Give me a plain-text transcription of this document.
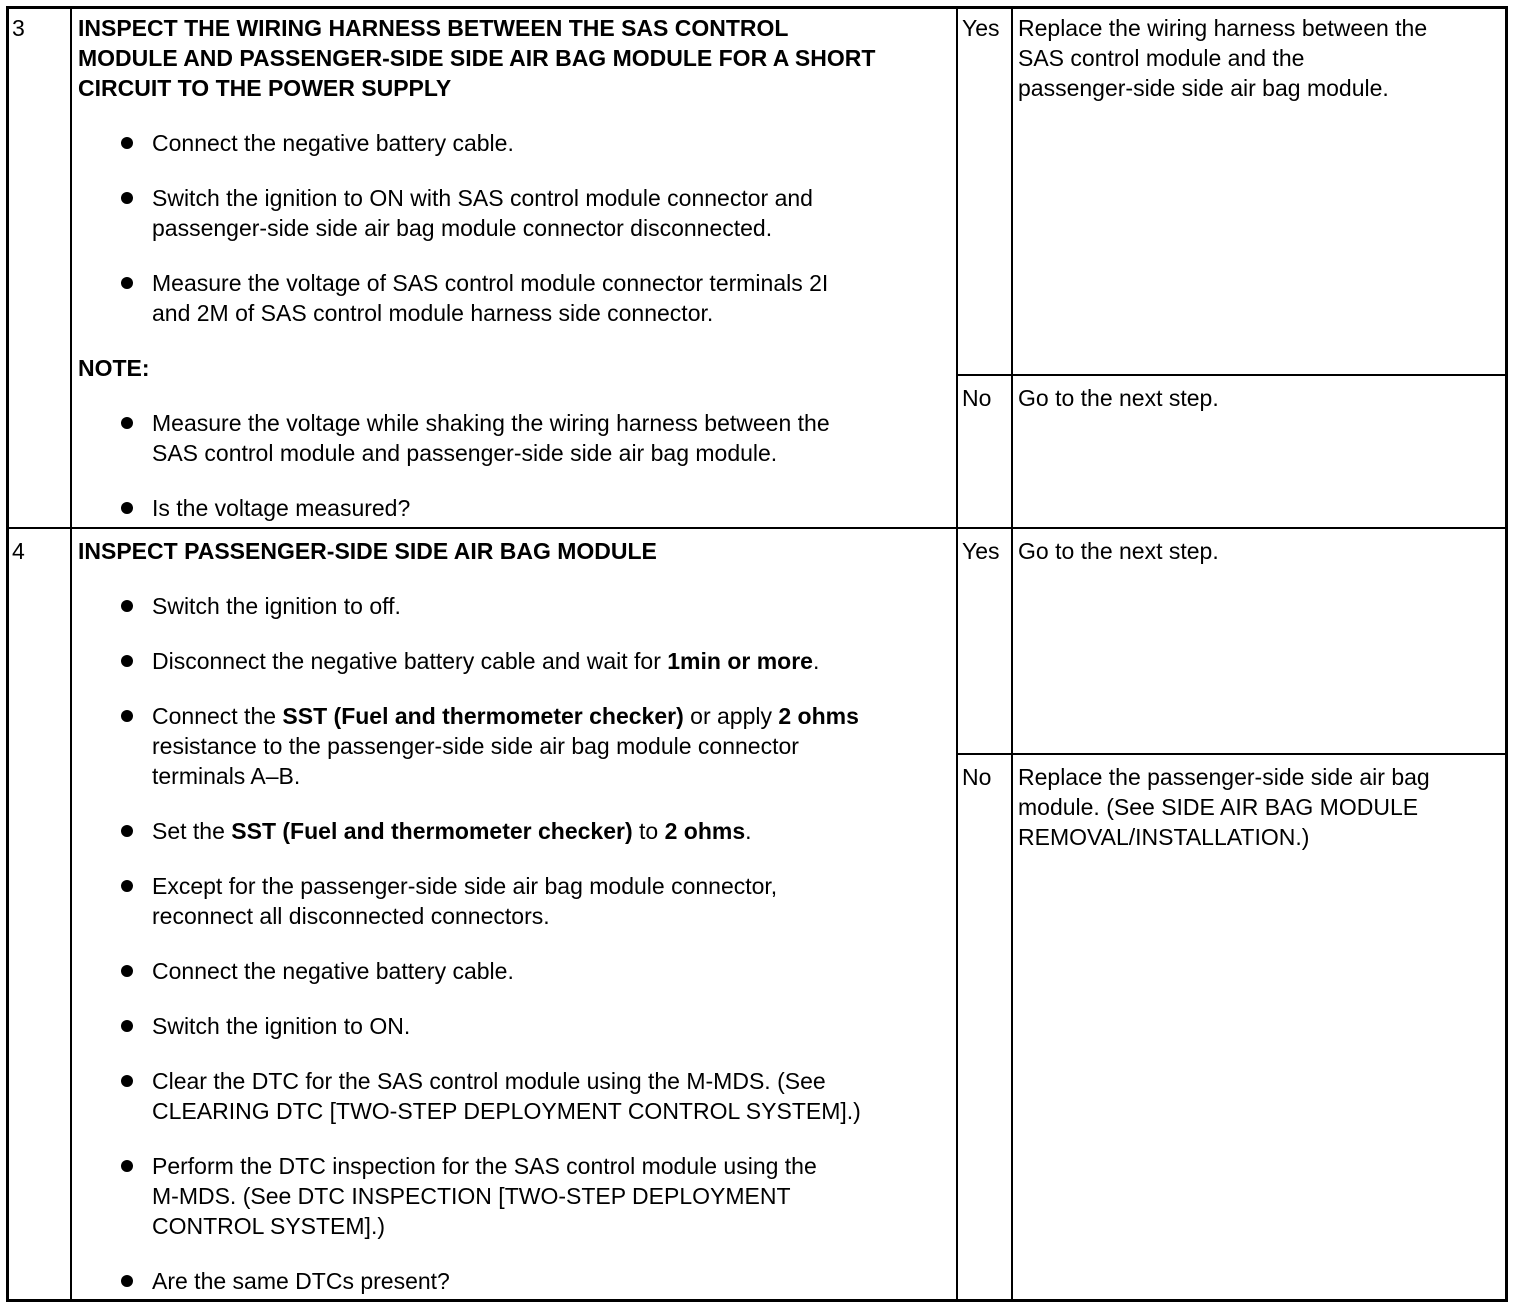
3 INSPECT THE WIRING HARNESS BETWEEN THE SAS CONTROL
MODULE AND PASSENGER-SIDE SIDE AIR BAG MODULE FOR A SHORT
CIRCUIT TO THE POWER SUPPLY
Connect the negative battery cable.
Switch the ignition to ON with SAS control module connector and
passenger-side side air bag module connector disconnected.
Measure the voltage of SAS control module connector terminals 2I
and 2M of SAS control module harness side connector.
NOTE:
Measure the voltage while shaking the wiring harness between the
SAS control module and passenger-side side air bag module.
Is the voltage measured?
Yes Replace the wiring harness between the
SAS control module and the
passenger-side side air bag module.
No Go to the next step.
4 INSPECT PASSENGER-SIDE SIDE AIR BAG MODULE
Switch the ignition to off.
Disconnect the negative battery cable and wait for 1min or more.
Connect the SST (Fuel and thermometer checker) or apply 2 ohms
resistance to the passenger-side side air bag module connector
terminals A–B.
Set the SST (Fuel and thermometer checker) to 2 ohms.
Except for the passenger-side side air bag module connector,
reconnect all disconnected connectors.
Connect the negative battery cable.
Switch the ignition to ON.
Clear the DTC for the SAS control module using the M-MDS. (See
CLEARING DTC [TWO-STEP DEPLOYMENT CONTROL SYSTEM].)
Perform the DTC inspection for the SAS control module using the
M-MDS. (See DTC INSPECTION [TWO-STEP DEPLOYMENT
CONTROL SYSTEM].)
Are the same DTCs present?
Yes Go to the next step.
No Replace the passenger-side side air bag
module. (See SIDE AIR BAG MODULE
REMOVAL/INSTALLATION.)
